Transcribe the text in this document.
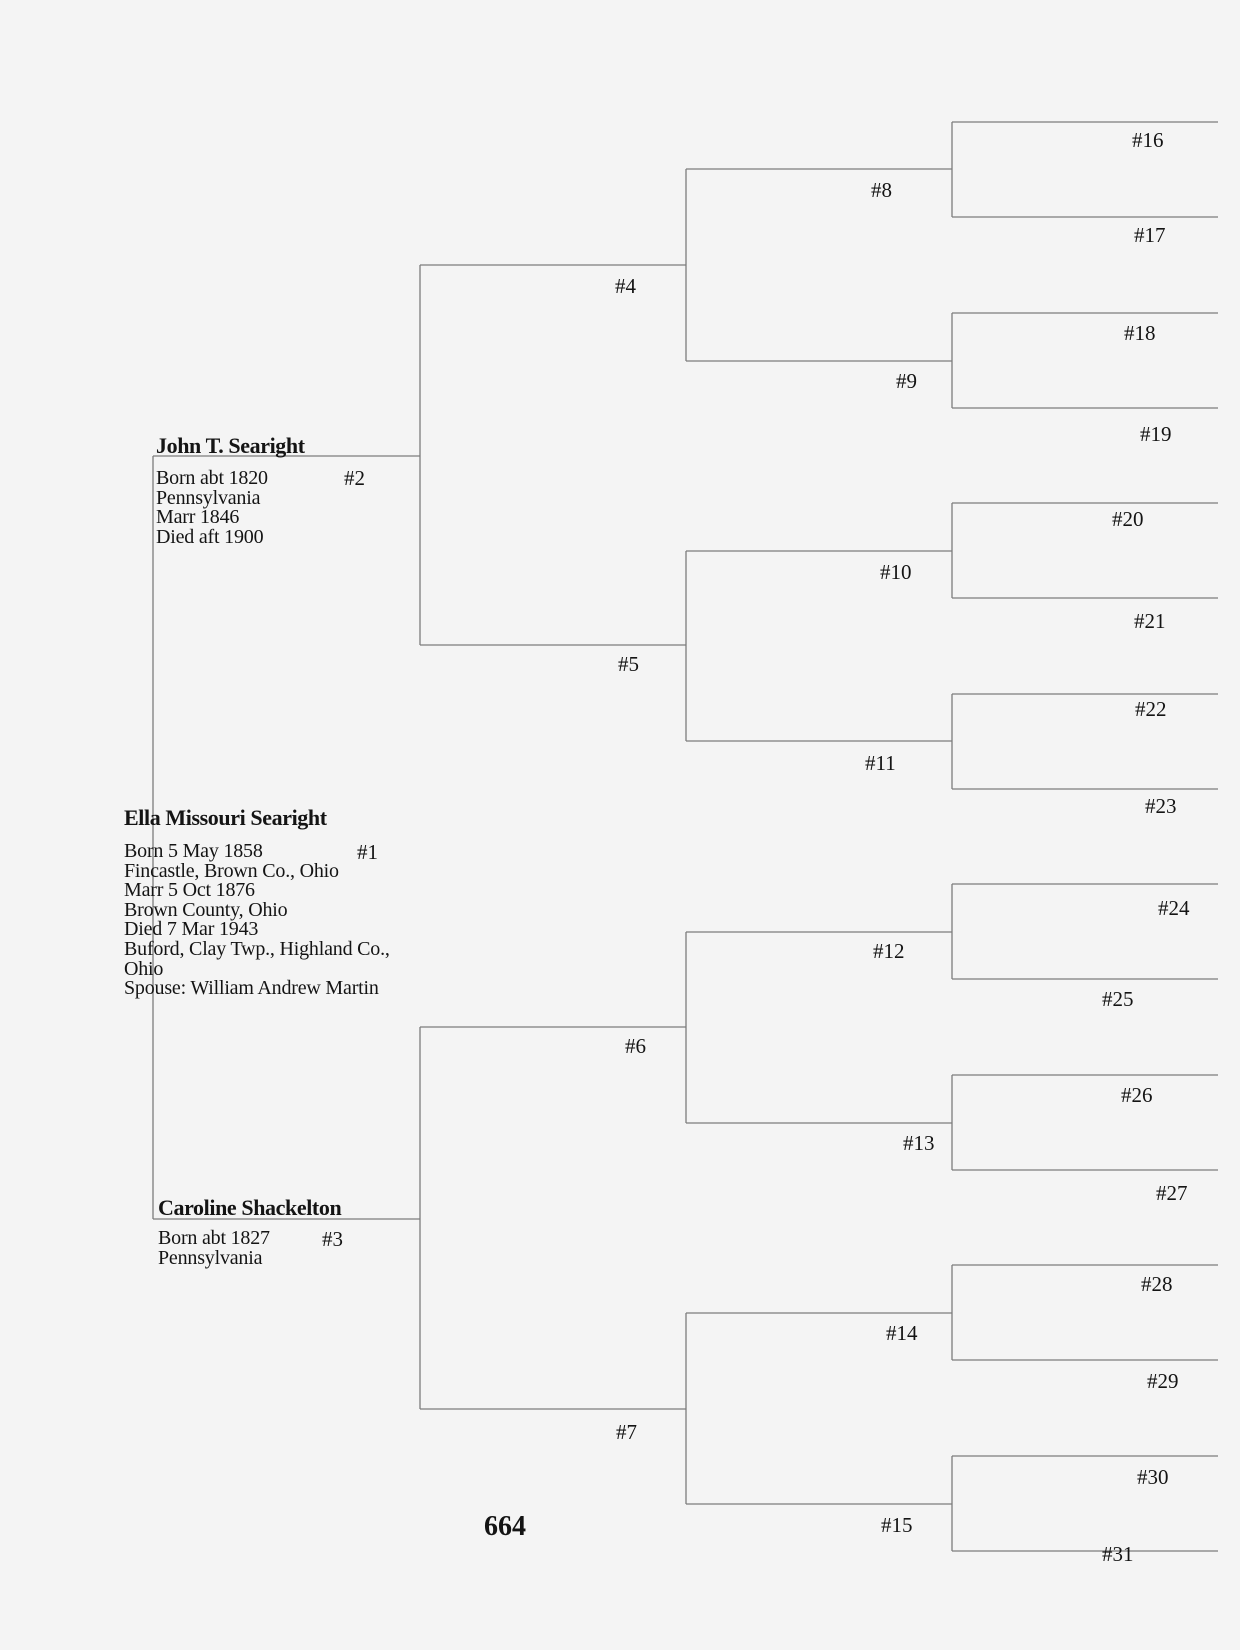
Ella Missouri Searight
#1
Born 5 May 1858
Fincastle, Brown Co., Ohio
Marr 5 Oct 1876
Brown County, Ohio
Died 7 Mar 1943
Buford, Clay Twp., Highland Co.,
Ohio
Spouse: William Andrew Martin
John T. Searight
#2
Born abt 1820
Pennsylvania
Marr 1846
Died aft 1900
Caroline Shackelton
#3
Born abt 1827
Pennsylvania
#4
#5
#6
#7
#8
#9
#10
#11
#12
#13
#14
#15
#16
#17
#18
#19
#20
#21
#22
#23
#24
#25
#26
#27
#28
#29
#30
#31
664
